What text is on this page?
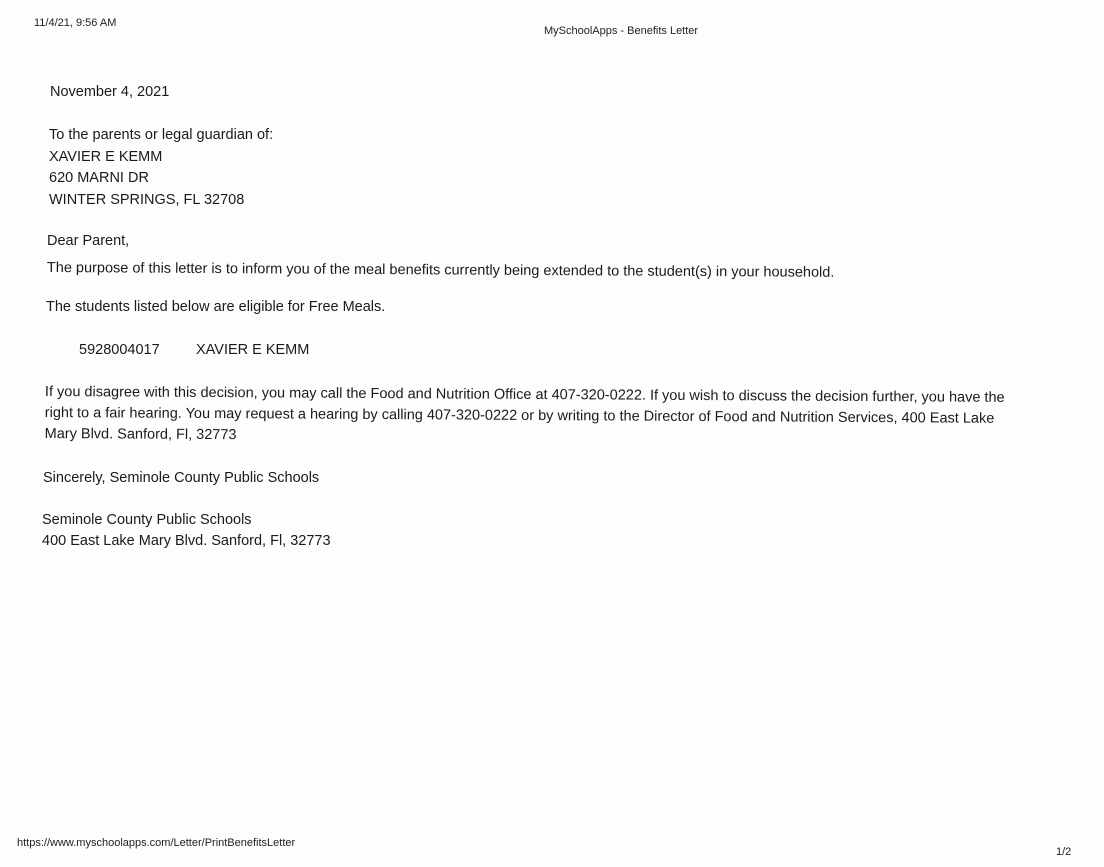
11/4/21, 9:56 AM
MySchoolApps - Benefits Letter
November 4, 2021
To the parents or legal guardian of:
XAVIER E KEMM
620 MARNI DR
WINTER SPRINGS, FL 32708
Dear Parent,
The purpose of this letter is to inform you of the meal benefits currently being extended to the student(s) in your household.
The students listed below are eligible for Free Meals.
5928004017	XAVIER E KEMM
If you disagree with this decision, you may call the Food and Nutrition Office at 407-320-0222. If you wish to discuss the decision further, you have the
right to a fair hearing. You may request a hearing by calling 407-320-0222 or by writing to the Director of Food and Nutrition Services, 400 East Lake
Mary Blvd. Sanford, Fl, 32773
Sincerely, Seminole County Public Schools
Seminole County Public Schools
400 East Lake Mary Blvd. Sanford, Fl, 32773
https://www.myschoolapps.com/Letter/PrintBenefitsLetter
1/2
